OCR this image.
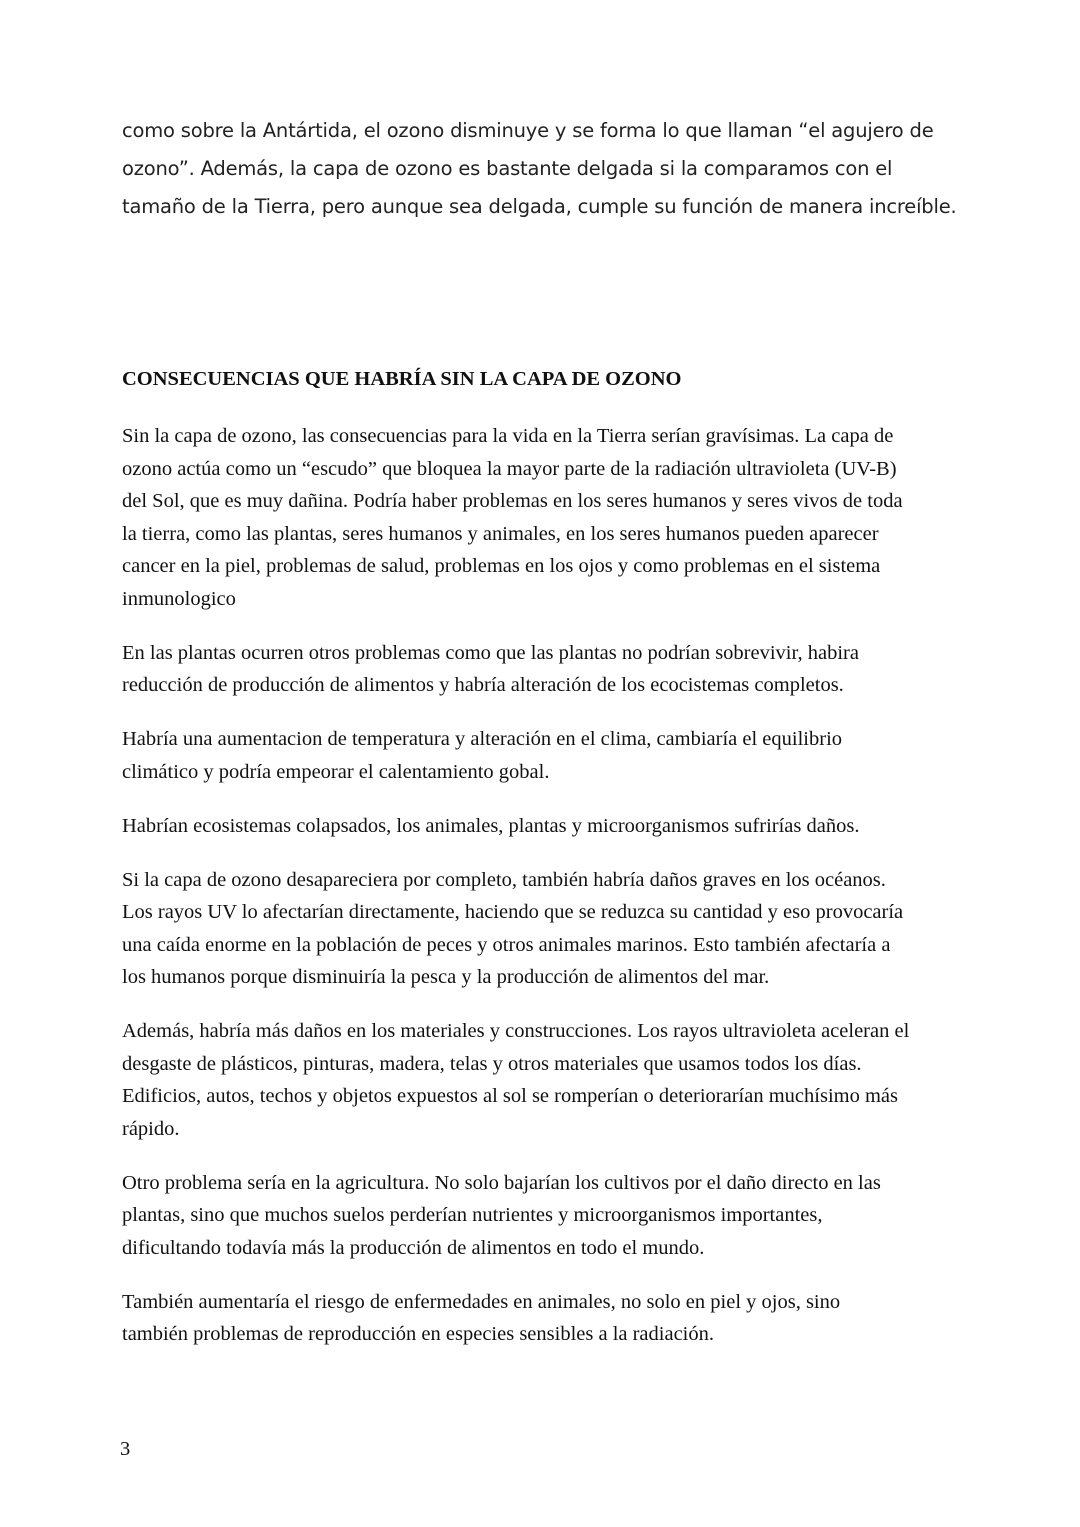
como sobre la Antártida, el ozono disminuye y se forma lo que llaman “el agujero de
ozono”. Además, la capa de ozono es bastante delgada si la comparamos con el
tamaño de la Tierra, pero aunque sea delgada, cumple su función de manera increíble.
CONSECUENCIAS QUE HABRÍA SIN LA CAPA DE OZONO

Sin la capa de ozono, las consecuencias para la vida en la Tierra serían gravísimas. La capa de
ozono actúa como un “escudo” que bloquea la mayor parte de la radiación ultravioleta (UV-B)
del Sol, que es muy dañina. Podría haber problemas en los seres humanos y seres vivos de toda
la tierra, como las plantas, seres humanos y animales, en los seres humanos pueden aparecer
cancer en la piel, problemas de salud, problemas en los ojos y como problemas en el sistema
inmunologico

En las plantas ocurren otros problemas como que las plantas no podrían sobrevivir, habira
reducción de producción de alimentos y habría alteración de los ecocistemas completos.

Habría una aumentacion de temperatura y alteración en el clima, cambiaría el equilibrio
climático y podría empeorar el calentamiento gobal.

Habrían ecosistemas colapsados, los animales, plantas y microorganismos sufrirías daños.

Si la capa de ozono desapareciera por completo, también habría daños graves en los océanos.
Los rayos UV lo afectarían directamente, haciendo que se reduzca su cantidad y eso provocaría
una caída enorme en la población de peces y otros animales marinos. Esto también afectaría a
los humanos porque disminuiría la pesca y la producción de alimentos del mar.

Además, habría más daños en los materiales y construcciones. Los rayos ultravioleta aceleran el
desgaste de plásticos, pinturas, madera, telas y otros materiales que usamos todos los días.
Edificios, autos, techos y objetos expuestos al sol se romperían o deteriorarían muchísimo más
rápido.

Otro problema sería en la agricultura. No solo bajarían los cultivos por el daño directo en las
plantas, sino que muchos suelos perderían nutrientes y microorganismos importantes,
dificultando todavía más la producción de alimentos en todo el mundo.

También aumentaría el riesgo de enfermedades en animales, no solo en piel y ojos, sino
también problemas de reproducción en especies sensibles a la radiación.

3
